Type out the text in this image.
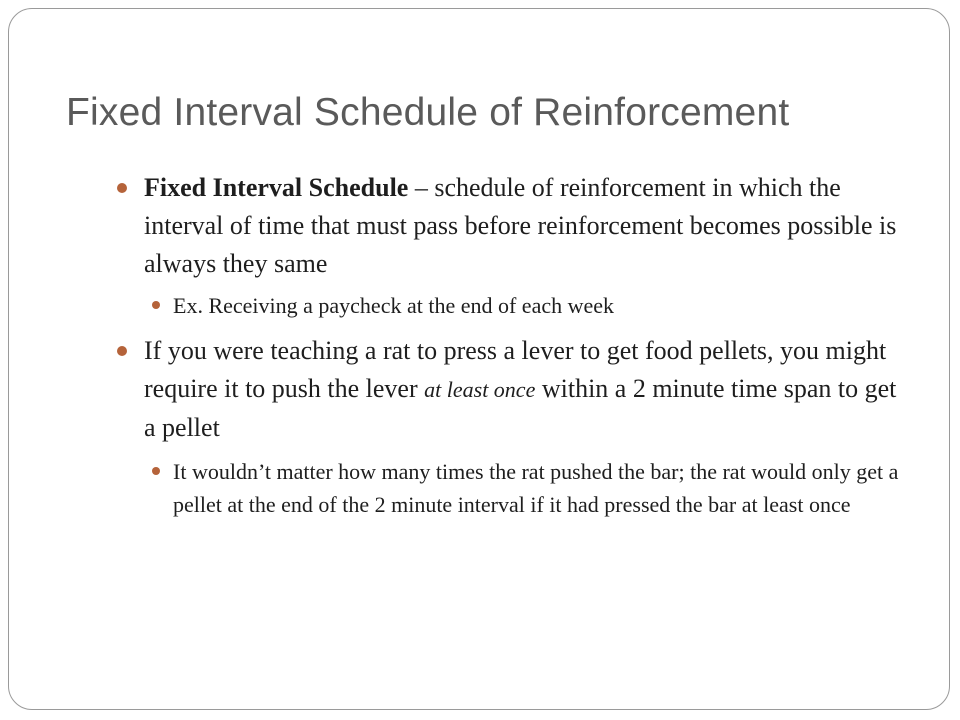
Fixed Interval Schedule of Reinforcement

Fixed Interval Schedule – schedule of reinforcement in which the interval of time that must pass before reinforcement becomes possible is always they same

Ex. Receiving a paycheck at the end of each week

If you were teaching a rat to press a lever to get food pellets, you might require it to push the lever at least once within a 2 minute time span to get a pellet

It wouldn’t matter how many times the rat pushed the bar; the rat would only get a pellet at the end of the 2 minute interval if it had pressed the bar at least once
